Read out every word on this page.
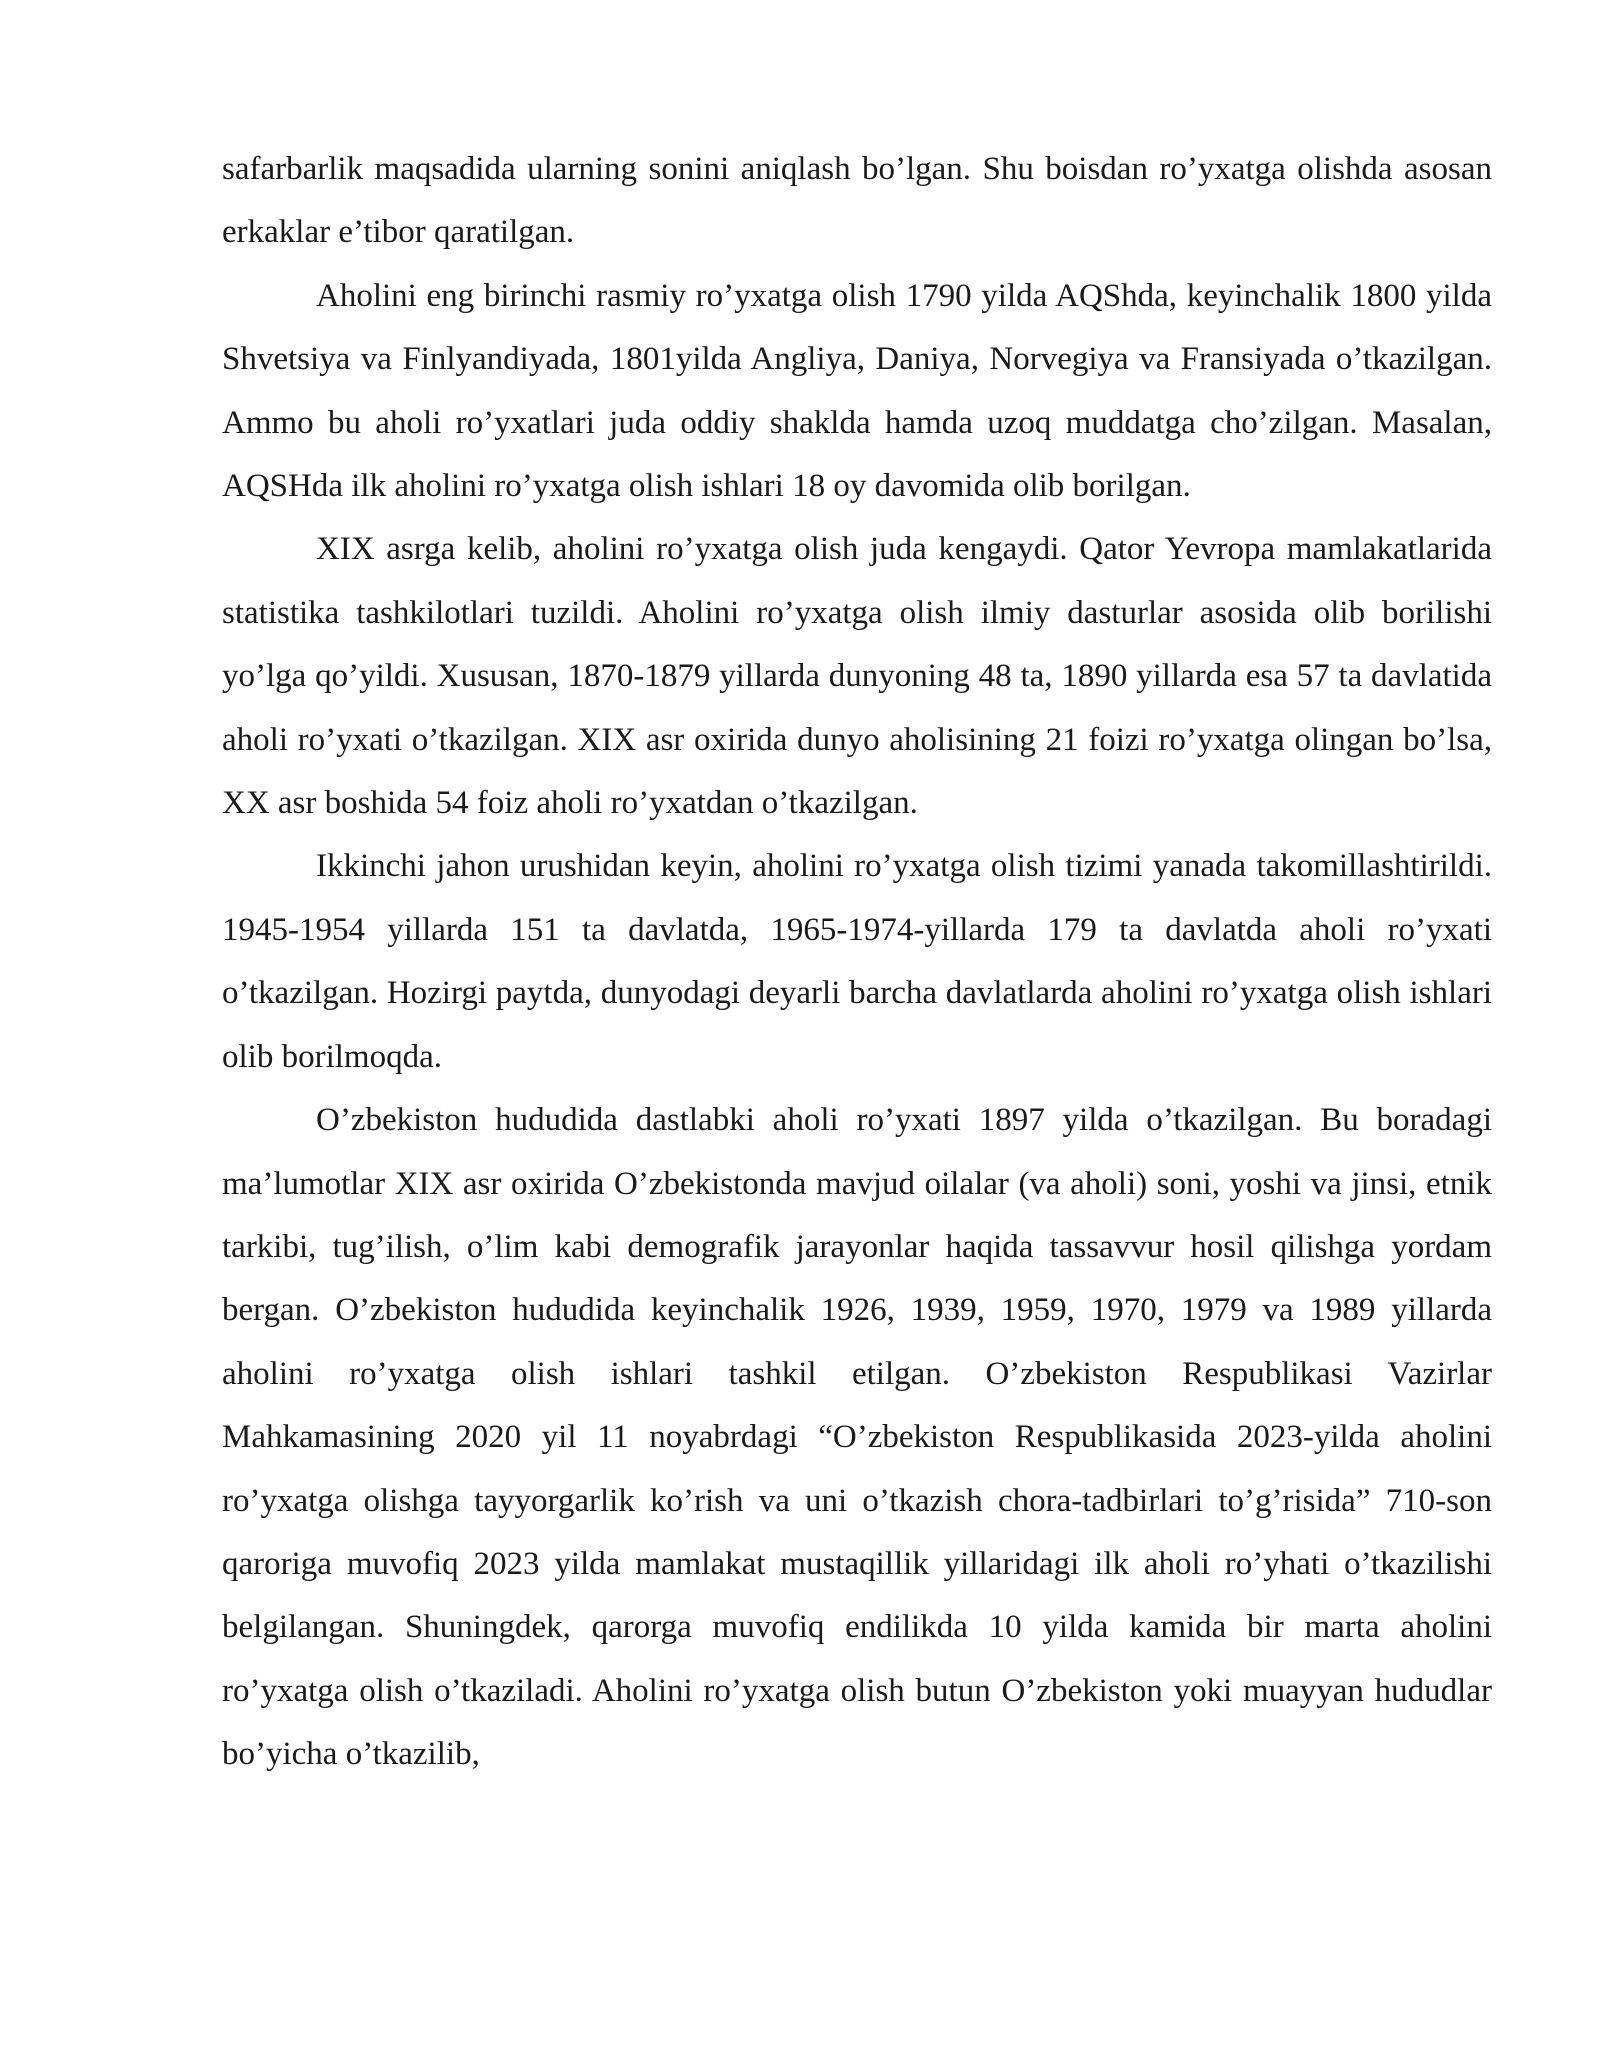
safarbarlik maqsadida ularning sonini aniqlash bo’lgan. Shu boisdan ro’yxatga olishda asosan erkaklar e’tibor qaratilgan.

Aholini eng birinchi rasmiy ro’yxatga olish 1790 yilda AQShda, keyinchalik 1800 yilda Shvetsiya va Finlyandiyada, 1801yilda Angliya, Daniya, Norvegiya va Fransiyada o’tkazilgan. Ammo bu aholi ro’yxatlari juda oddiy shaklda hamda uzoq muddatga cho’zilgan. Masalan, AQSHda ilk aholini ro’yxatga olish ishlari 18 oy davomida olib borilgan.

XIX asrga kelib, aholini ro’yxatga olish juda kengaydi. Qator Yevropa mamlakatlarida statistika tashkilotlari tuzildi. Aholini ro’yxatga olish ilmiy dasturlar asosida olib borilishi yo’lga qo’yildi. Xususan, 1870-1879 yillarda dunyoning 48 ta, 1890 yillarda esa 57 ta davlatida aholi ro’yxati o’tkazilgan. XIX asr oxirida dunyo aholisining 21 foizi ro’yxatga olingan bo’lsa, XX asr boshida 54 foiz aholi ro’yxatdan o’tkazilgan.

Ikkinchi jahon urushidan keyin, aholini ro’yxatga olish tizimi yanada takomillashtirildi. 1945-1954 yillarda 151 ta davlatda, 1965-1974-yillarda 179 ta davlatda aholi ro’yxati o’tkazilgan. Hozirgi paytda, dunyodagi deyarli barcha davlatlarda aholini ro’yxatga olish ishlari olib borilmoqda.

O’zbekiston hududida dastlabki aholi ro’yxati 1897 yilda o’tkazilgan. Bu boradagi ma’lumotlar XIX asr oxirida O’zbekistonda mavjud oilalar (va aholi) soni, yoshi va jinsi, etnik tarkibi, tug’ilish, o’lim kabi demografik jarayonlar haqida tassavvur hosil qilishga yordam bergan. O’zbekiston hududida keyinchalik 1926, 1939, 1959, 1970, 1979 va 1989 yillarda aholini ro’yxatga olish ishlari tashkil etilgan. O’zbekiston Respublikasi Vazirlar Mahkamasining 2020 yil 11 noyabrdagi “O’zbekiston Respublikasida 2023-yilda aholini ro’yxatga olishga tayyorgarlik ko’rish va uni o’tkazish chora-tadbirlari to’g’risida” 710-son qaroriga muvofiq 2023 yilda mamlakat mustaqillik yillaridagi ilk aholi ro’yhati o’tkazilishi belgilangan. Shuningdek, qarorga muvofiq endilikda 10 yilda kamida bir marta aholini ro’yxatga olish o’tkaziladi. Aholini ro’yxatga olish butun O’zbekiston yoki muayyan hududlar bo’yicha o’tkazilib,
